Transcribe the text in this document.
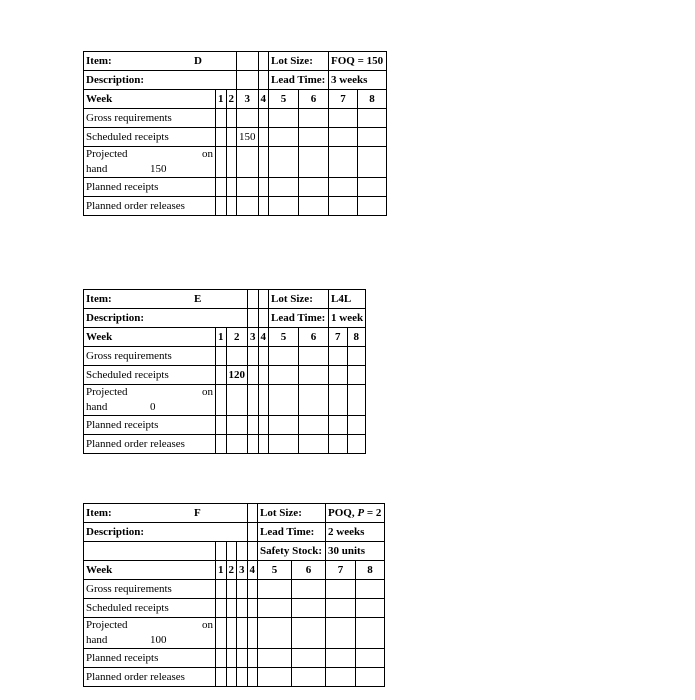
Item: D					Lot Size:		FOQ = 150	
Description:					Lead Time:		3 weeks	
Week	1	2	3	4	5	6	7	8
Gross requirements								
Scheduled receipts			150					

Projected on
hand 150								

Planned receipts								
Planned order releases								
Item: E					Lot Size:		L4L	
Description:					Lead Time:		1 week	
Week	1	2	3	4	5	6	7	8
Gross requirements								
Scheduled receipts		120						

Projected on
hand 0								

Planned receipts								
Planned order releases								
Item: F					Lot Size:		POQ, P = 2	
Description:					Lead Time:		2 weeks	
					Safety Stock:		30 units	
Week	1	2	3	4	5	6	7	8
Gross requirements								
Scheduled receipts								

Projected on
hand 100								

Planned receipts								
Planned order releases								
